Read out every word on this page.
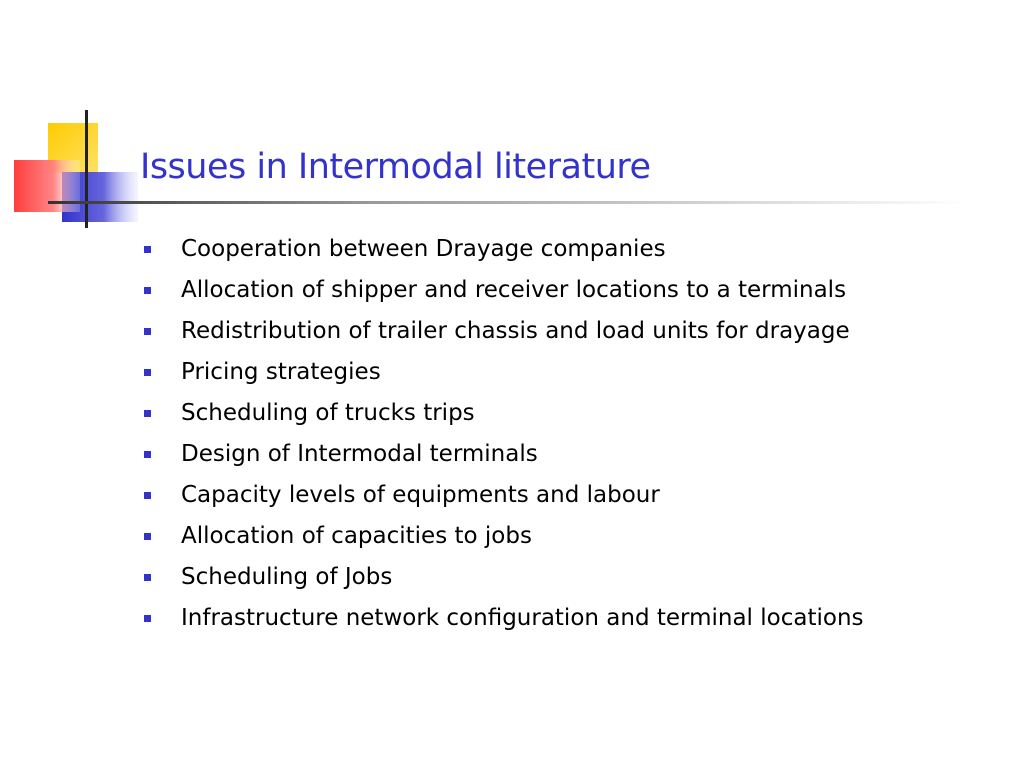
Issues in Intermodal literature
Cooperation between Drayage companies
Allocation of shipper and receiver locations to a terminals
Redistribution of trailer chassis and load units for drayage
Pricing strategies
Scheduling of trucks trips
Design of Intermodal terminals
Capacity levels of equipments and labour
Allocation of capacities to jobs
Scheduling of Jobs
Infrastructure network configuration and terminal locations
